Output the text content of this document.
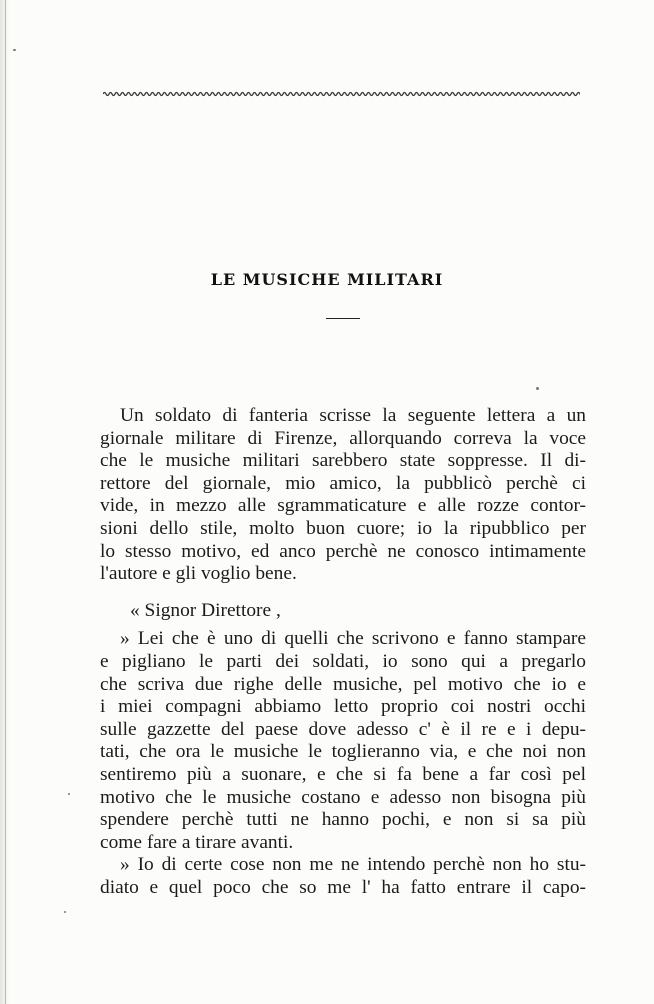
LE MUSICHE MILITARI
Un soldato di fanteria scrisse la seguente lettera a un
giornale militare di Firenze, allorquando correva la voce
che le musiche militari sarebbero state soppresse. Il di-
rettore del giornale, mio amico, la pubblicò perchè ci
vide, in mezzo alle sgrammaticature e alle rozze contor-
sioni dello stile, molto buon cuore; io la ripubblico per
lo stesso motivo, ed anco perchè ne conosco intimamente
l'autore e gli voglio bene.
« Signor Direttore ,
» Lei che è uno di quelli che scrivono e fanno stampare
e pigliano le parti dei soldati, io sono qui a pregarlo
che scriva due righe delle musiche, pel motivo che io e
i miei compagni abbiamo letto proprio coi nostri occhi
sulle gazzette del paese dove adesso c' è il re e i depu-
tati, che ora le musiche le toglieranno via, e che noi non
sentiremo più a suonare, e che si fa bene a far così pel
motivo che le musiche costano e adesso non bisogna più
spendere perchè tutti ne hanno pochi, e non si sa più
come fare a tirare avanti.
» Io di certe cose non me ne intendo perchè non ho stu-
diato e quel poco che so me l' ha fatto entrare il capo-
